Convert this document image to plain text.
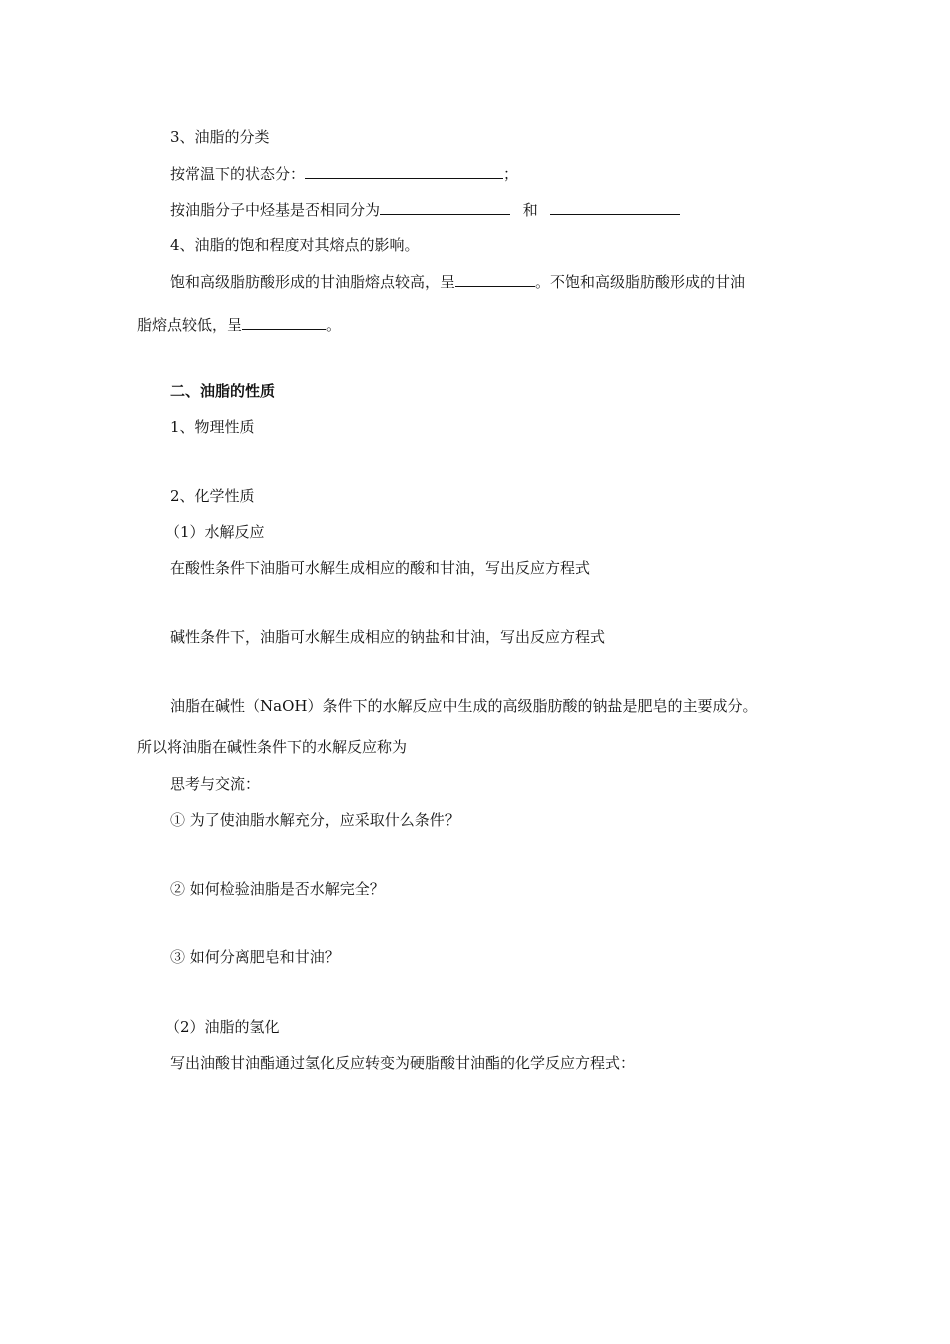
3、油脂的分类
按常温下的状态分：	；
按油脂分子中烃基是否相同分为	和
4、油脂的饱和程度对其熔点的影响。
饱和高级脂肪酸形成的甘油脂熔点较高，呈	。不饱和高级脂肪酸形成的甘油
脂熔点较低，呈	。
二、油脂的性质
1、物理性质
2、化学性质
（1）水解反应
在酸性条件下油脂可水解生成相应的酸和甘油，写出反应方程式
碱性条件下，油脂可水解生成相应的钠盐和甘油，写出反应方程式
油脂在碱性（NaOH）条件下的水解反应中生成的高级脂肪酸的钠盐是肥皂的主要成分。
所以将油脂在碱性条件下的水解反应称为
思考与交流：
① 为了使油脂水解充分，应采取什么条件？
② 如何检验油脂是否水解完全？
③ 如何分离肥皂和甘油？
（2）油脂的氢化
写出油酸甘油酯通过氢化反应转变为硬脂酸甘油酯的化学反应方程式：
